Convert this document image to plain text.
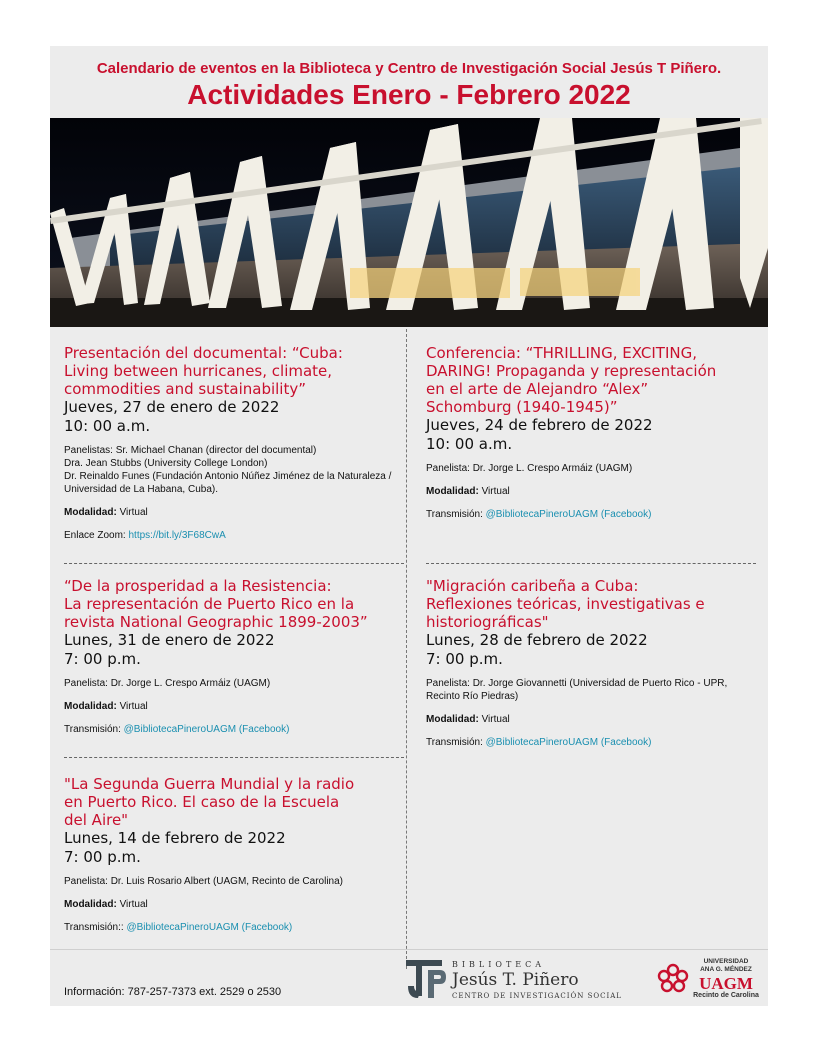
Calendario de eventos en la Biblioteca y Centro de Investigación Social Jesús T Piñero.
Actividades Enero - Febrero 2022
Presentación del documental: “Cuba:
Living between hurricanes, climate,
commodities and sustainability”
Jueves, 27 de enero de 2022
10: 00 a.m.
Panelistas: Sr. Michael Chanan (director del documental)
Dra. Jean Stubbs (University College London)
Dr. Reinaldo Funes (Fundación Antonio Núñez Jiménez de la Naturaleza /
Universidad de La Habana, Cuba).
Modalidad: Virtual
Enlace Zoom: https://bit.ly/3F68CwA
“De la prosperidad a la Resistencia:
La representación de Puerto Rico en la
revista National Geographic 1899-2003”
Lunes, 31 de enero de 2022
7: 00 p.m.
Panelista: Dr. Jorge L. Crespo Armáiz (UAGM)
Modalidad: Virtual
Transmisión: @BibliotecaPineroUAGM (Facebook)
"La Segunda Guerra Mundial y la radio
en Puerto Rico. El caso de la Escuela
del Aire"
Lunes, 14 de febrero de 2022
7: 00 p.m.
Panelista: Dr. Luis Rosario Albert (UAGM, Recinto de Carolina)
Modalidad: Virtual
Transmisión:: @BibliotecaPineroUAGM (Facebook)
Conferencia: “THRILLING, EXCITING,
DARING! Propaganda y representación
en el arte de Alejandro “Alex”
Schomburg (1940-1945)”
Jueves, 24 de febrero de 2022
10: 00 a.m.
Panelista: Dr. Jorge L. Crespo Armáiz (UAGM)
Modalidad: Virtual
Transmisión: @BibliotecaPineroUAGM (Facebook)
"Migración caribeña a Cuba:
Reflexiones teóricas, investigativas e
historiográficas"
Lunes, 28 de febrero de 2022
7: 00 p.m.
Panelista: Dr. Jorge Giovannetti (Universidad de Puerto Rico - UPR,
Recinto Río Piedras)
Modalidad: Virtual
Transmisión: @BibliotecaPineroUAGM (Facebook)
Información: 787-257-7373 ext. 2529 o 2530
BIBLIOTECA
Jesús T. Piñero
CENTRO DE INVESTIGACIÓN SOCIAL
UNIVERSIDAD
ANA G. MÉNDEZ
UAGM
Recinto de Carolina
